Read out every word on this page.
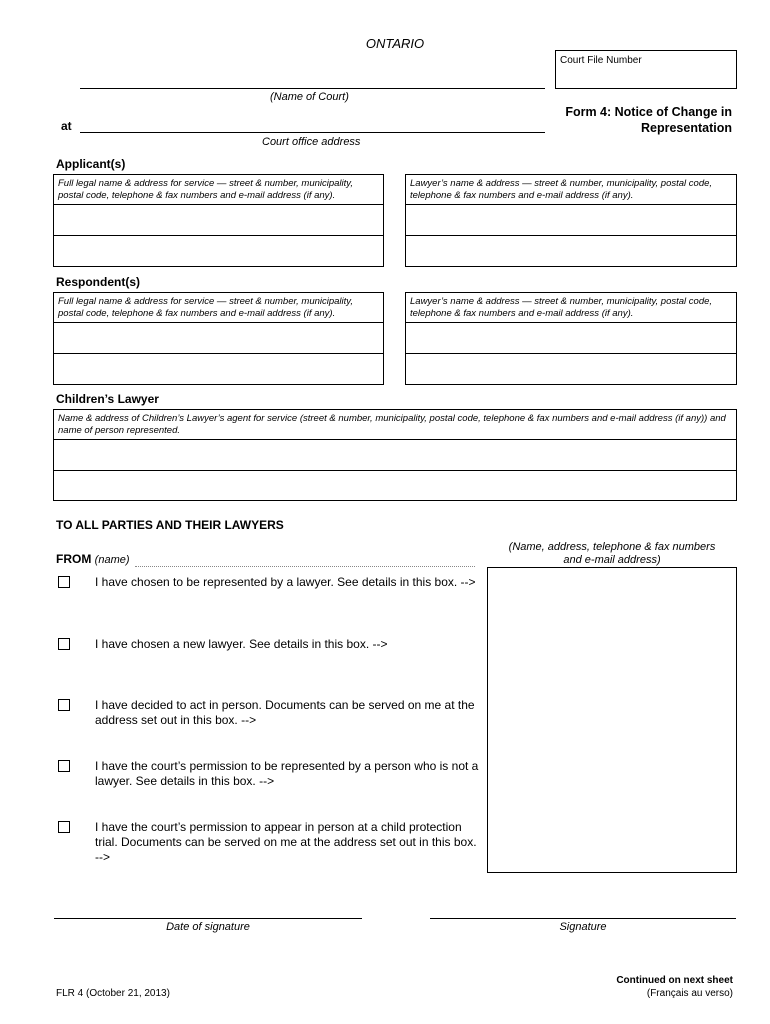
ONTARIO
Court File Number
(Name of Court)
at
Court office address
Form 4: Notice of Change in
Representation
Applicant(s)
Full legal name & address for service — street & number, municipality, postal code, telephone & fax numbers and e-mail address (if any).
Lawyer’s name & address — street & number, municipality, postal code, telephone & fax numbers and e-mail address (if any).
Respondent(s)
Full legal name & address for service — street & number, municipality, postal code, telephone & fax numbers and e-mail address (if any).
Lawyer’s name & address — street & number, municipality, postal code, telephone & fax numbers and e-mail address (if any).
Children’s Lawyer
Name & address of Children’s Lawyer’s agent for service (street & number, municipality, postal code, telephone & fax numbers and e-mail address (if any)) and name of person represented.
TO ALL PARTIES AND THEIR LAWYERS
FROM (name)
(Name, address, telephone & fax numbers
and e-mail address)
I have chosen to be represented by a lawyer. See details in this box. -->
I have chosen a new lawyer. See details in this box. -->
I have decided to act in person. Documents can be served on me at the address set out in this box. -->
I have the court’s permission to be represented by a person who is not a lawyer. See details in this box. -->
I have the court’s permission to appear in person at a child protection trial. Documents can be served on me at the address set out in this box. -->
Date of signature	Signature
FLR 4 (October 21, 2013)
Continued on next sheet
(Français au verso)
